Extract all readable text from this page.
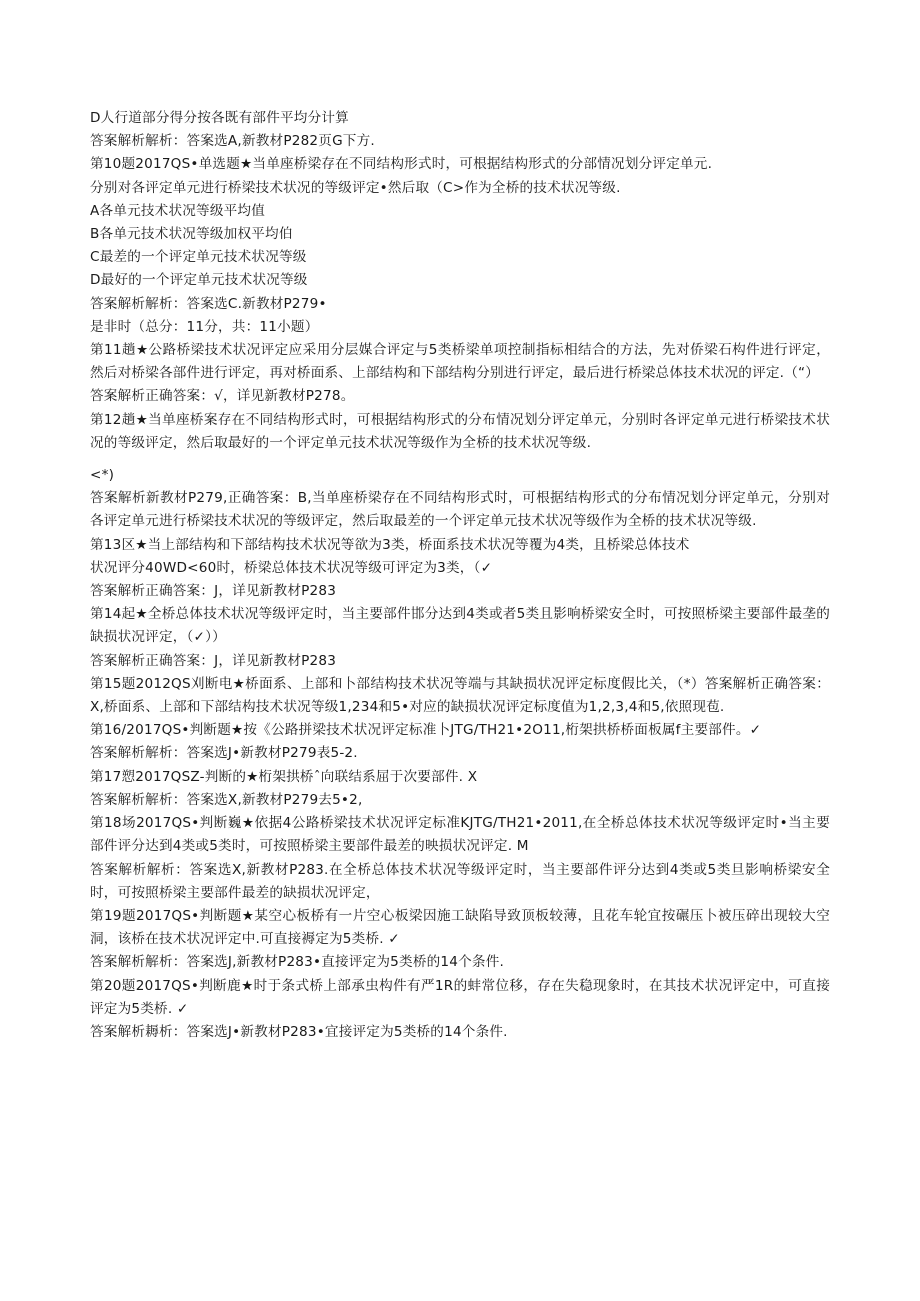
D人行道部分得分按各既有部件平均分计算
答案解析解析：答案选A,新教材P282页G下方.
第10题2017QS•单选题★当单座桥梁存在不同结构形式时，可根据结构形式的分部情况划分评定单元.
分别对各评定单元进行桥梁技术状况的等级评定•然后取（C>作为全桥的技术状况等级.
A各单元技术状况等级平均值
B各单元技术状况等级加权平均伯
C最差的一个评定单元技术状况等级
D最好的一个评定单元技术状况等级
答案解析解析：答案选C.新教材P279•
是非时（总分：11分，共：11小题）
第11趟★公路桥梁技术状况评定应采用分层媒合评定与5类桥梁单项控制指标相结合的方法，先对侨梁石构件进行评定，然后对桥梁各部件进行评定，再对桥面系、上部结构和下部结构分别进行评定，最后进行桥梁总体技术状况的评定.（“）
答案解析正确答案：√，详见新教材P278。
第12趟★当单座桥案存在不同结构形式时，可根据结构形式的分布情况划分评定单元，分别时各评定单元进行桥梁技术状况的等级评定，然后取最好的一个评定单元技术状况等级作为全桥的技术状况等级.
<*)
答案解析新教材P279,正确答案：B,当单座桥梁存在不同结构形式时，可根据结构形式的分布情况划分评定单元，分别对各评定单元进行桥梁技术状况的等级评定，然后取最差的一个评定单元技术状况等级作为全桥的技术状况等级.
第13区★当上部结构和下部结构技术状况等欲为3类，桥面系技术状况等覆为4类，且桥梁总体技术
状况评分40WD<60时，桥梁总体技术状况等级可评定为3类，（✓
答案解析正确答案：J，详见新教材P283
第14起★全桥总体技术状况等级评定时，当主要部件邯分达到4类或者5类且影响桥梁安全时，可按照桥梁主要部件最垄的缺损状况评定，（✓））
答案解析正确答案：J，详见新教材P283
第15题2012QS刈断电★桥面系、上部和卜部结构技术状况等端与其缺损状况评定标度假比关，（*）答案解析正确答案：X,桥面系、上部和下部结构技术状况等级1,234和5•对应的缺损状况评定标度值为1,2,3,4和5,依照现苞.
第16/2017QS•判断题★按《公路拼梁技术状况评定标准卜JTG/TH21•2O11,桁架拱桥桥面板属f主要部件。✓
答案解析解析：答案选J•新教材P279表5-2.
第17愬2017QSZ-判断的★桁架拱桥ˆ向联结系屈于次要部件. X
答案解析解析：答案选X,新教材P279去5•2,
第18场2017QS•判断巍★依据4公路桥梁技术状况评定标准KJTG/TH21•2011,在全桥总体技术状况等级评定时•当主要部件评分达到4类或5类时，可按照桥梁主要部件最差的映损状况评定. M
答案解析解析：答案选X,新教材P283.在全桥总体技术状况等级评定时，当主要部件评分达到4类或5类旦影响桥梁安全时，可按照桥梁主要部件最差的缺损状况评定，
第19题2017QS•判断题★某空心板桥有一片空心板梁因施工缺陷导致顶板较薄，且花车轮宜按碾压卜被压碎出现较大空洞，该桥在技术状况评定中.可直接褥定为5类桥. ✓
答案解析解析：答案选J,新教材P283•直接评定为5类桥的14个条件.
第20题2017QS•判断鹿★时于条式桥上部承虫构件有严1R的蚌常位移，存在失稳现象时，在其技术状况评定中，可直接评定为5类桥. ✓
答案解析耨析：答案选J•新教材P283•宜接评定为5类桥的14个条件.
